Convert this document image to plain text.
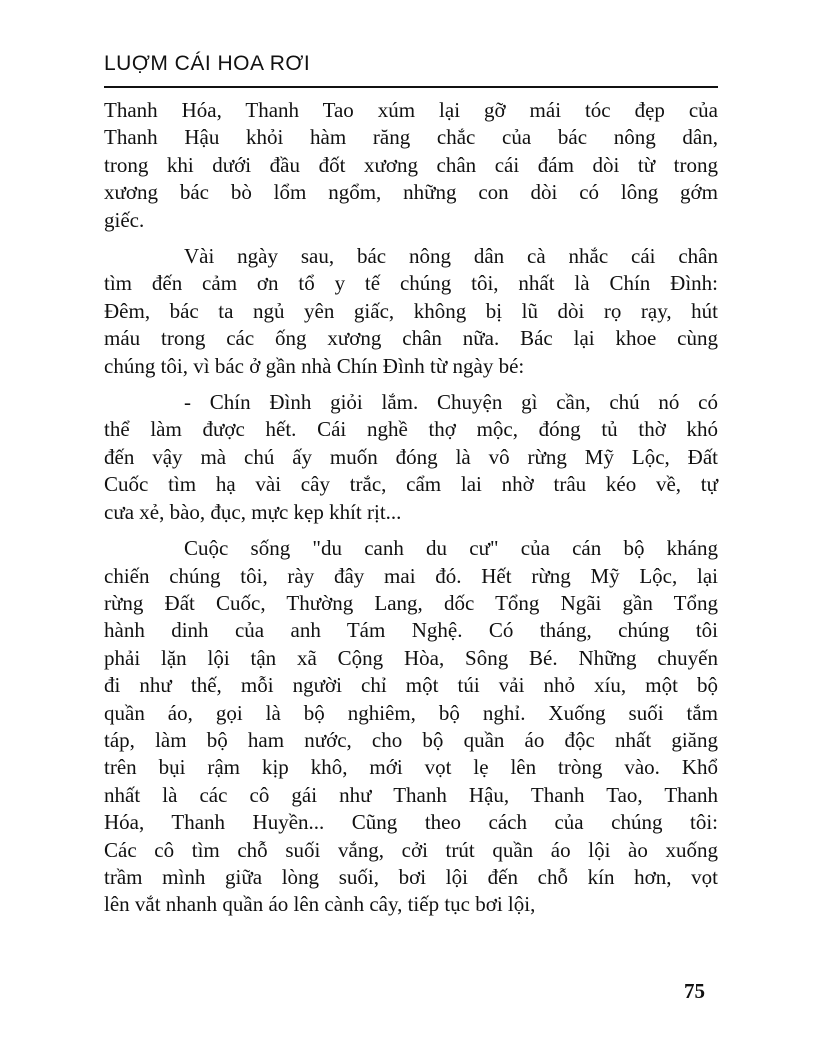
LUỢM CÁI HOA RƠI
Thanh Hóa, Thanh Tao xúm lại gỡ mái tóc đẹp của
Thanh Hậu khỏi hàm răng chắc của bác nông dân,
trong khi dưới đầu đốt xương chân cái đám dòi từ trong
xương bác bò lổm ngổm, những con dòi có lông gớm
giếc.
Vài ngày sau, bác nông dân cà nhắc cái chân
tìm đến cảm ơn tổ y tế chúng tôi, nhất là Chín Đình:
Đêm, bác ta ngủ yên giấc, không bị lũ dòi rọ rạy, hút
máu trong các ống xương chân nữa. Bác lại khoe cùng
chúng tôi, vì bác ở gần nhà Chín Đình từ ngày bé:
- Chín Đình giỏi lắm. Chuyện gì cần, chú nó có
thể làm được hết. Cái nghề thợ mộc, đóng tủ thờ khó
đến vậy mà chú ấy muốn đóng là vô rừng Mỹ Lộc, Đất
Cuốc tìm hạ vài cây trắc, cẩm lai nhờ trâu kéo về, tự
cưa xẻ, bào, đục, mực kẹp khít rịt...
Cuộc sống "du canh du cư" của cán bộ kháng
chiến chúng tôi, rày đây mai đó. Hết rừng Mỹ Lộc, lại
rừng Đất Cuốc, Thường Lang, dốc Tổng Ngãi gần Tổng
hành dinh của anh Tám Nghệ. Có tháng, chúng tôi
phải lặn lội tận xã Cộng Hòa, Sông Bé. Những chuyến
đi như thế, mỗi người chỉ một túi vải nhỏ xíu, một bộ
quần áo, gọi là bộ nghiêm, bộ nghỉ. Xuống suối tắm
táp, làm bộ ham nước, cho bộ quần áo độc nhất giăng
trên bụi rậm kịp khô, mới vọt lẹ lên tròng vào. Khổ
nhất là các cô gái như Thanh Hậu, Thanh Tao, Thanh
Hóa, Thanh Huyền... Cũng theo cách của chúng tôi:
Các cô tìm chỗ suối vắng, cởi trút quần áo lội ào xuống
trầm mình giữa lòng suối, bơi lội đến chỗ kín hơn, vọt
lên vắt nhanh quần áo lên cành cây, tiếp tục bơi lội,
75
